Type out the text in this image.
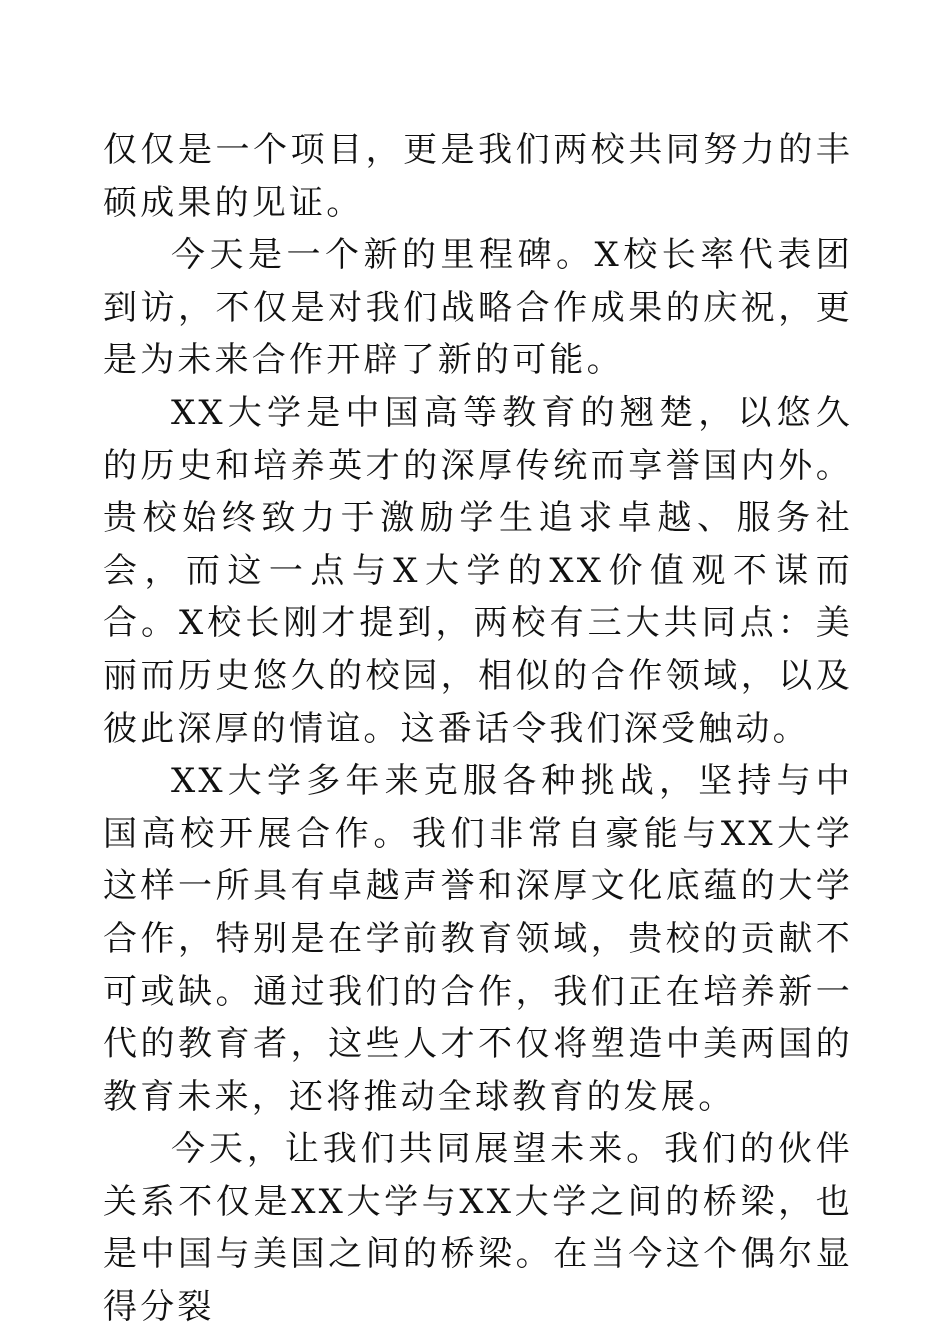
仅仅是一个项目，更是我们两校共同努力的丰硕成果的见证。

今天是一个新的里程碑。X校长率代表团到访，不仅是对我们战略合作成果的庆祝，更是为未来合作开辟了新的可能。

XX大学是中国高等教育的翘楚，以悠久的历史和培养英才的深厚传统而享誉国内外。贵校始终致力于激励学生追求卓越、服务社会，而这一点与X大学的XX价值观不谋而合。X校长刚才提到，两校有三大共同点：美丽而历史悠久的校园，相似的合作领域，以及彼此深厚的情谊。这番话令我们深受触动。

XX大学多年来克服各种挑战，坚持与中国高校开展合作。我们非常自豪能与XX大学这样一所具有卓越声誉和深厚文化底蕴的大学合作，特别是在学前教育领域，贵校的贡献不可或缺。通过我们的合作，我们正在培养新一代的教育者，这些人才不仅将塑造中美两国的教育未来，还将推动全球教育的发展。

今天，让我们共同展望未来。我们的伙伴关系不仅是XX大学与XX大学之间的桥梁，也是中国与美国之间的桥梁。在当今这个偶尔显得分裂
